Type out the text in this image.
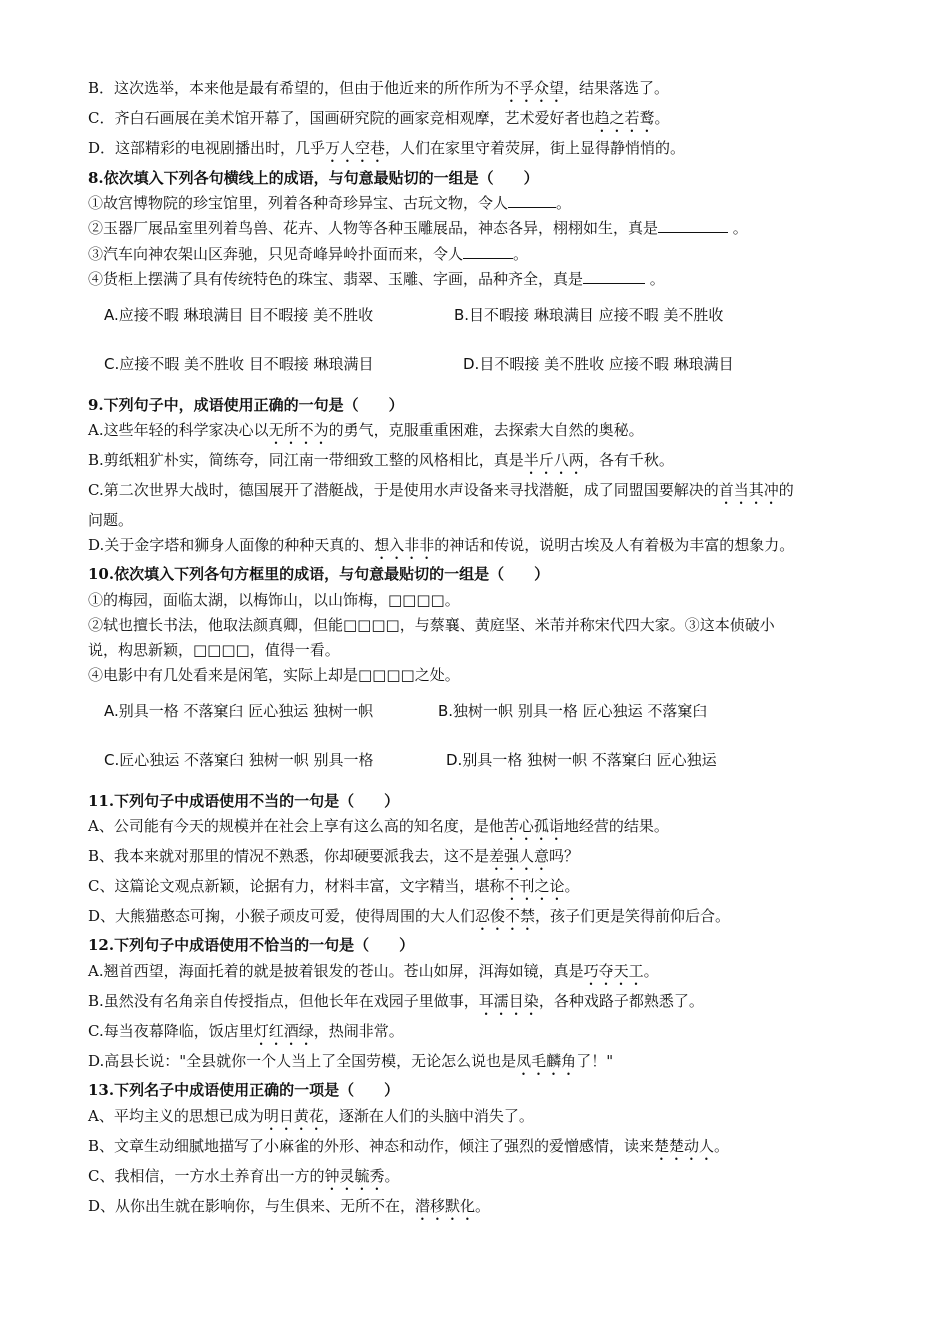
B．这次选举，本来他是最有希望的，但由于他近来的所作所为不孚众望，结果落选了。
C．齐白石画展在美术馆开幕了，国画研究院的画家竞相观摩，艺术爱好者也趋之若鹜。
D．这部精彩的电视剧播出时，几乎万人空巷，人们在家里守着荧屏，街上显得静悄悄的。
8.依次填入下列各句横线上的成语，与句意最贴切的一组是（　　）
①故宫博物院的珍宝馆里，列着各种奇珍异宝、古玩文物，令人	。
②玉器厂展品室里列着鸟兽、花卉、人物等各种玉雕展品，神态各异，栩栩如生，真是	。
③汽车向神农架山区奔驰，只见奇峰异岭扑面而来，令人	。
④货柜上摆满了具有传统特色的珠宝、翡翠、玉雕、字画，品种齐全，真是	。
A.应接不暇 琳琅满目 目不暇接 美不胜收	B.目不暇接 琳琅满目 应接不暇 美不胜收
C.应接不暇 美不胜收 目不暇接 琳琅满目	D.目不暇接 美不胜收 应接不暇 琳琅满目
9.下列句子中，成语使用正确的一句是（　　）
A.这些年轻的科学家决心以无所不为的勇气，克服重重困难，去探索大自然的奥秘。
B.剪纸粗犷朴实，简练夸，同江南一带细致工整的风格相比，真是半斤八两，各有千秋。
C.第二次世界大战时，德国展开了潜艇战，于是使用水声设备来寻找潜艇，成了同盟国要解决的首当其冲的
问题。
D.关于金字塔和狮身人面像的种种天真的、想入非非的神话和传说，说明古埃及人有着极为丰富的想象力。
10.依次填入下列各句方框里的成语，与句意最贴切的一组是（　　）
①的梅园，面临太湖，以梅饰山，以山饰梅，□□□□。
②轼也擅长书法，他取法颜真卿，但能□□□□，与蔡襄、黄庭坚、米芾并称宋代四大家。③这本侦破小
说，构思新颖，□□□□，值得一看。
④电影中有几处看来是闲笔，实际上却是□□□□之处。
A.别具一格 不落窠臼 匠心独运 独树一帜	B.独树一帜 别具一格 匠心独运 不落窠臼
C.匠心独运 不落窠臼 独树一帜 别具一格	D.别具一格 独树一帜 不落窠臼 匠心独运
11.下列句子中成语使用不当的一句是（　　）
A、公司能有今天的规模并在社会上享有这么高的知名度，是他苦心孤诣地经营的结果。
B、我本来就对那里的情况不熟悉，你却硬要派我去，这不是差强人意吗？
C、这篇论文观点新颖，论据有力，材料丰富，文字精当，堪称不刊之论。
D、大熊猫憨态可掬，小猴子顽皮可爱，使得周围的大人们忍俊不禁，孩子们更是笑得前仰后合。
12.下列句子中成语使用不恰当的一句是（　　）
A.翘首西望，海面托着的就是披着银发的苍山。苍山如屏，洱海如镜，真是巧夺天工。
B.虽然没有名角亲自传授指点，但他长年在戏园子里做事，耳濡目染，各种戏路子都熟悉了。
C.每当夜幕降临，饭店里灯红酒绿，热闹非常。
D.高县长说："全县就你一个人当上了全国劳模，无论怎么说也是凤毛麟角了！"
13.下列名子中成语使用正确的一项是（　　）
A、平均主义的思想已成为明日黄花，逐渐在人们的头脑中消失了。
B、文章生动细腻地描写了小麻雀的外形、神态和动作，倾注了强烈的爱憎感情，读来楚楚动人。
C、我相信，一方水土养育出一方的钟灵毓秀。
D、从你出生就在影响你，与生俱来、无所不在，潜移默化。
